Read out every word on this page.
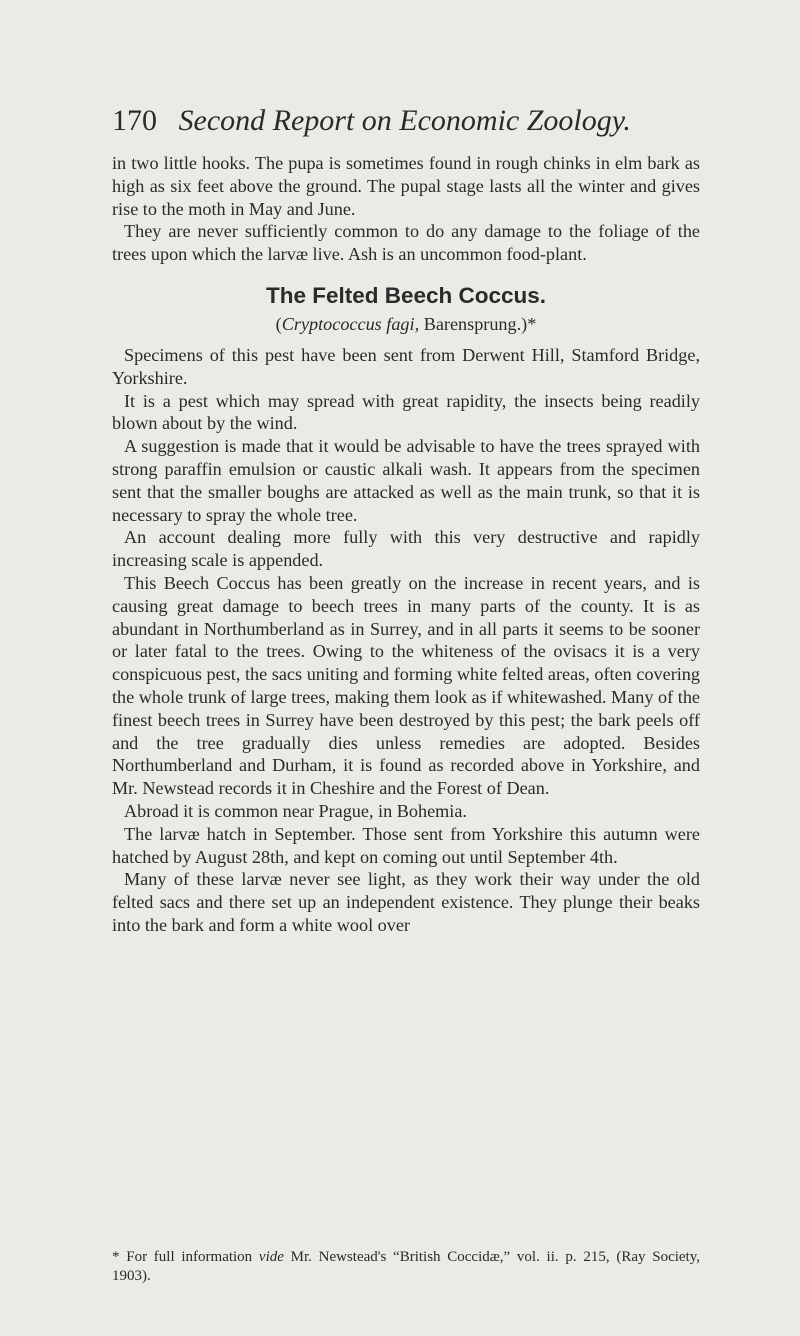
170 Second Report on Economic Zoology.

in two little hooks. The pupa is sometimes found in rough chinks in elm bark as high as six feet above the ground. The pupal stage lasts all the winter and gives rise to the moth in May and June.

They are never sufficiently common to do any damage to the foliage of the trees upon which the larvæ live. Ash is an uncommon food-plant.

The Felted Beech Coccus.
(Cryptococcus fagi, Barensprung.)*

Specimens of this pest have been sent from Derwent Hill, Stamford Bridge, Yorkshire.

It is a pest which may spread with great rapidity, the insects being readily blown about by the wind.

A suggestion is made that it would be advisable to have the trees sprayed with strong paraffin emulsion or caustic alkali wash. It appears from the specimen sent that the smaller boughs are attacked as well as the main trunk, so that it is necessary to spray the whole tree.

An account dealing more fully with this very destructive and rapidly increasing scale is appended.

This Beech Coccus has been greatly on the increase in recent years, and is causing great damage to beech trees in many parts of the county. It is as abundant in Northumberland as in Surrey, and in all parts it seems to be sooner or later fatal to the trees. Owing to the whiteness of the ovisacs it is a very conspicuous pest, the sacs uniting and forming white felted areas, often covering the whole trunk of large trees, making them look as if whitewashed. Many of the finest beech trees in Surrey have been destroyed by this pest; the bark peels off and the tree gradually dies unless remedies are adopted. Besides Northumberland and Durham, it is found as recorded above in Yorkshire, and Mr. Newstead records it in Cheshire and the Forest of Dean.

Abroad it is common near Prague, in Bohemia.

The larvæ hatch in September. Those sent from Yorkshire this autumn were hatched by August 28th, and kept on coming out until September 4th.

Many of these larvæ never see light, as they work their way under the old felted sacs and there set up an independent existence. They plunge their beaks into the bark and form a white wool over

* For full information vide Mr. Newstead's “British Coccidæ,” vol. ii. p. 215, (Ray Society, 1903).
